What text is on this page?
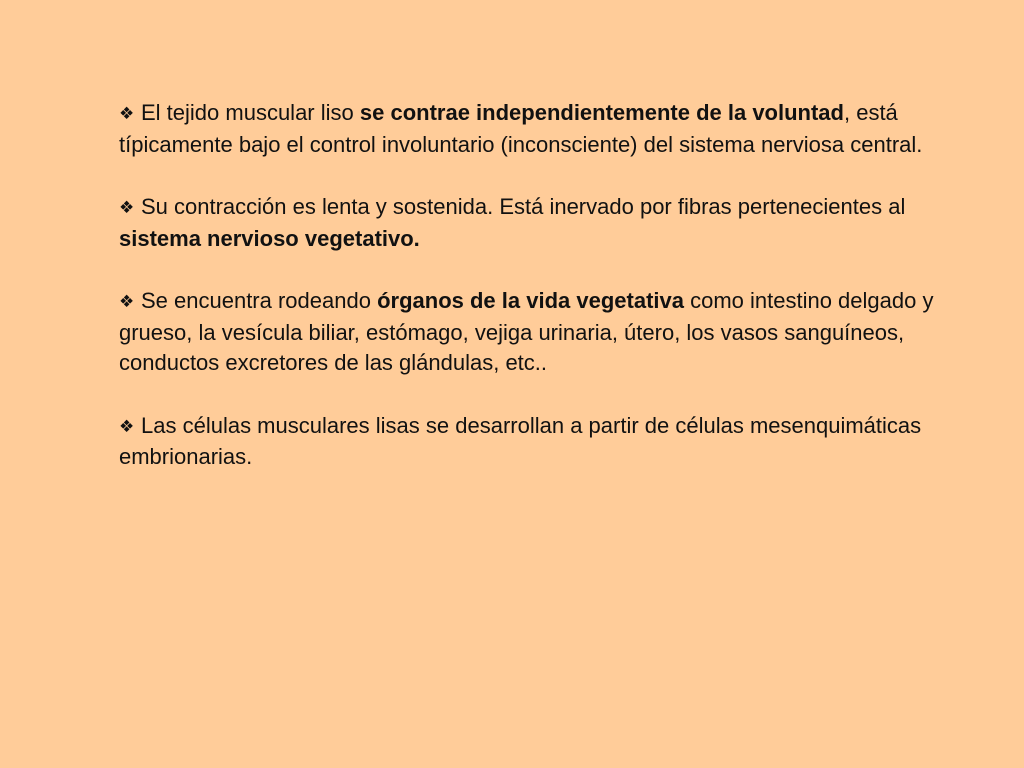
❖ El tejido muscular liso se contrae independientemente de la voluntad, está típicamente bajo el control involuntario (inconsciente) del sistema nerviosa central.

❖ Su contracción es lenta y sostenida. Está inervado por fibras pertenecientes al sistema nervioso vegetativo.

❖ Se encuentra rodeando órganos de la vida vegetativa como intestino delgado y grueso, la vesícula biliar, estómago, vejiga urinaria, útero, los vasos sanguíneos, conductos excretores de las glándulas, etc..

❖ Las células musculares lisas se desarrollan a partir de células mesenquimáticas embrionarias.
